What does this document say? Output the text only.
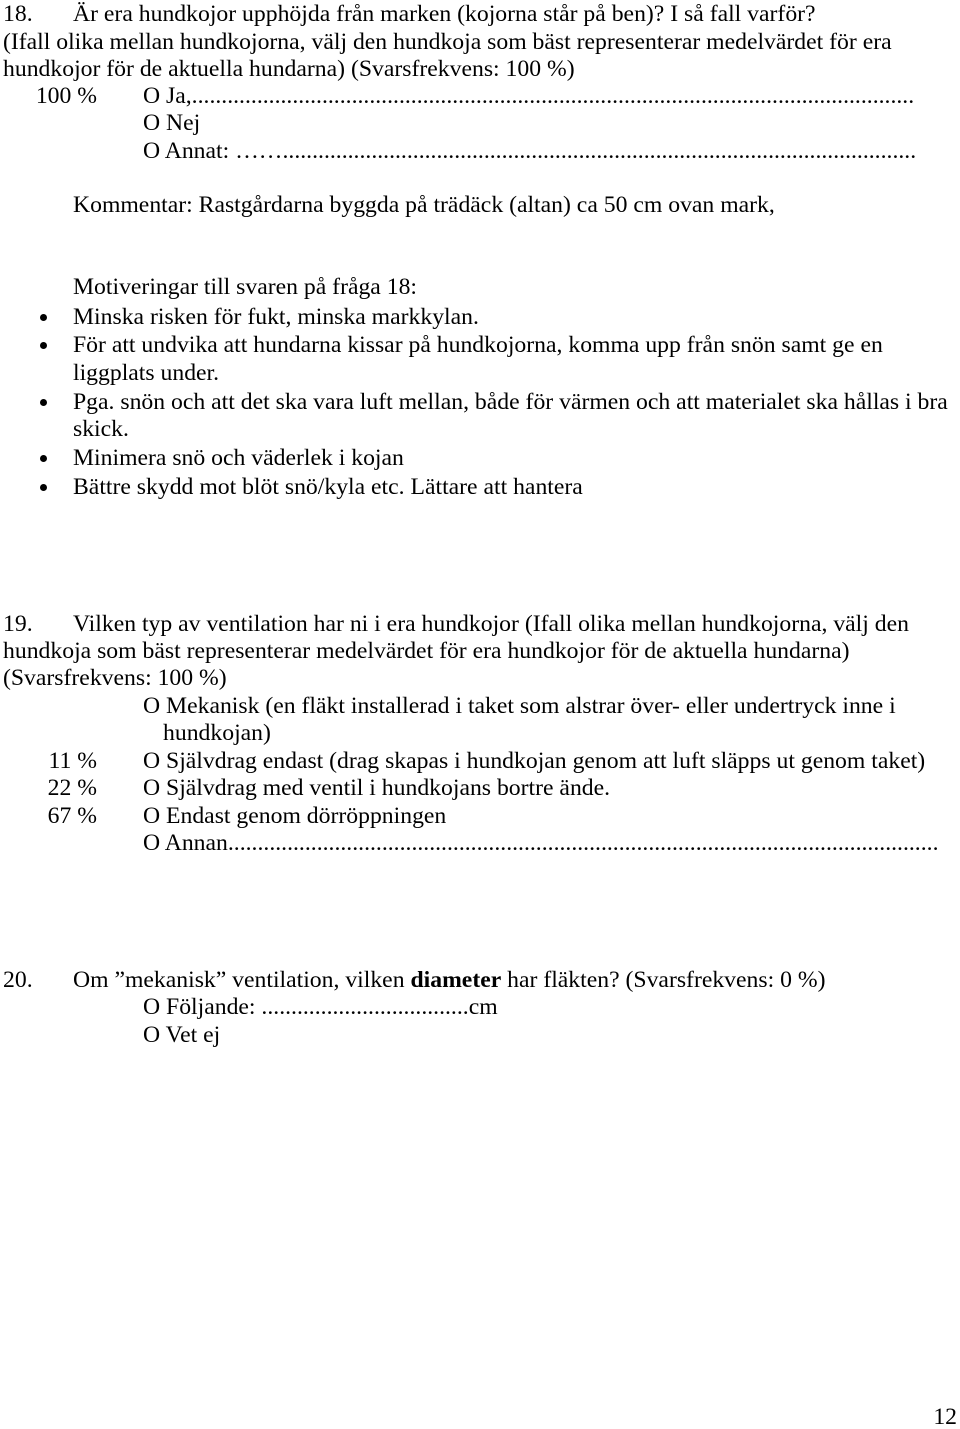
18. Är era hundkojor upphöjda från marken (kojorna står på ben)? I så fall varför?
(Ifall olika mellan hundkojorna, välj den hundkoja som bäst representerar medelvärdet för era
hundkojor för de aktuella hundarna) (Svarsfrekvens: 100 %)
100 % O Ja,..........................................................................................................................
O Nej
O Annat: ……...........................................................................................................
Kommentar: Rastgårdarna byggda på trädäck (altan) ca 50 cm ovan mark,
Motiveringar till svaren på fråga 18:
Minska risken för fukt, minska markkylan.
För att undvika att hundarna kissar på hundkojorna, komma upp från snön samt ge en
liggplats under.
Pga. snön och att det ska vara luft mellan, både för värmen och att materialet ska hållas i bra
skick.
Minimera snö och väderlek i kojan
Bättre skydd mot blöt snö/kyla etc. Lättare att hantera
19. Vilken typ av ventilation har ni i era hundkojor (Ifall olika mellan hundkojorna, välj den
hundkoja som bäst representerar medelvärdet för era hundkojor för de aktuella hundarna)
(Svarsfrekvens: 100 %)
O Mekanisk (en fläkt installerad i taket som alstrar över- eller undertryck inne i
hundkojan)
11 % O Självdrag endast (drag skapas i hundkojan genom att luft släpps ut genom taket)
22 % O Självdrag med ventil i hundkojans bortre ände.
67 % O Endast genom dörröppningen
O Annan........................................................................................................................
20. Om ”mekanisk” ventilation, vilken diameter har fläkten? (Svarsfrekvens: 0 %)
O Följande: ...................................cm
O Vet ej
12
